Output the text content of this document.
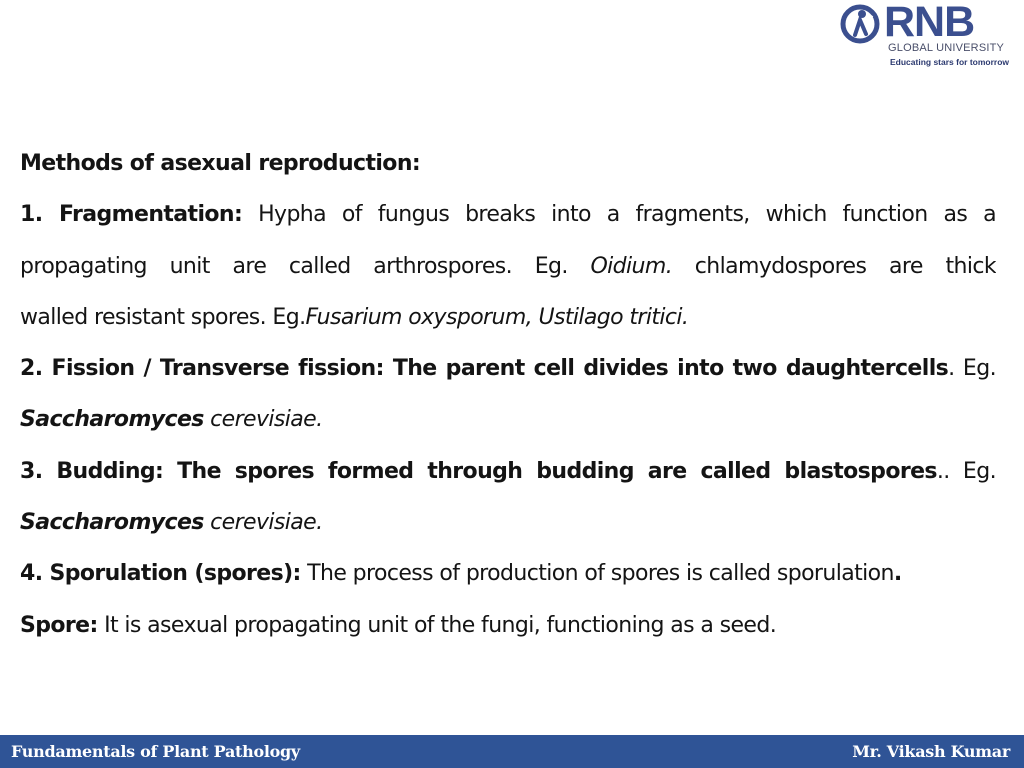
RNB
GLOBAL UNIVERSITY
Educating stars for tomorrow
Methods of asexual reproduction:
1. Fragmentation: Hypha of fungus breaks into a fragments, which function as a
propagating unit are called arthrospores. Eg. Oidium. chlamydospores are thick
walled resistant spores. Eg.Fusarium oxysporum, Ustilago tritici.
2. Fission / Transverse fission: The parent cell divides into two daughtercells. Eg.
Saccharomyces cerevisiae.
3. Budding: The spores formed through budding are called blastospores.. Eg.
Saccharomyces cerevisiae.
4. Sporulation (spores): The process of production of spores is called sporulation.
Spore: It is asexual propagating unit of the fungi, functioning as a seed.
Fundamentals of Plant Pathology	Mr. Vikash Kumar
